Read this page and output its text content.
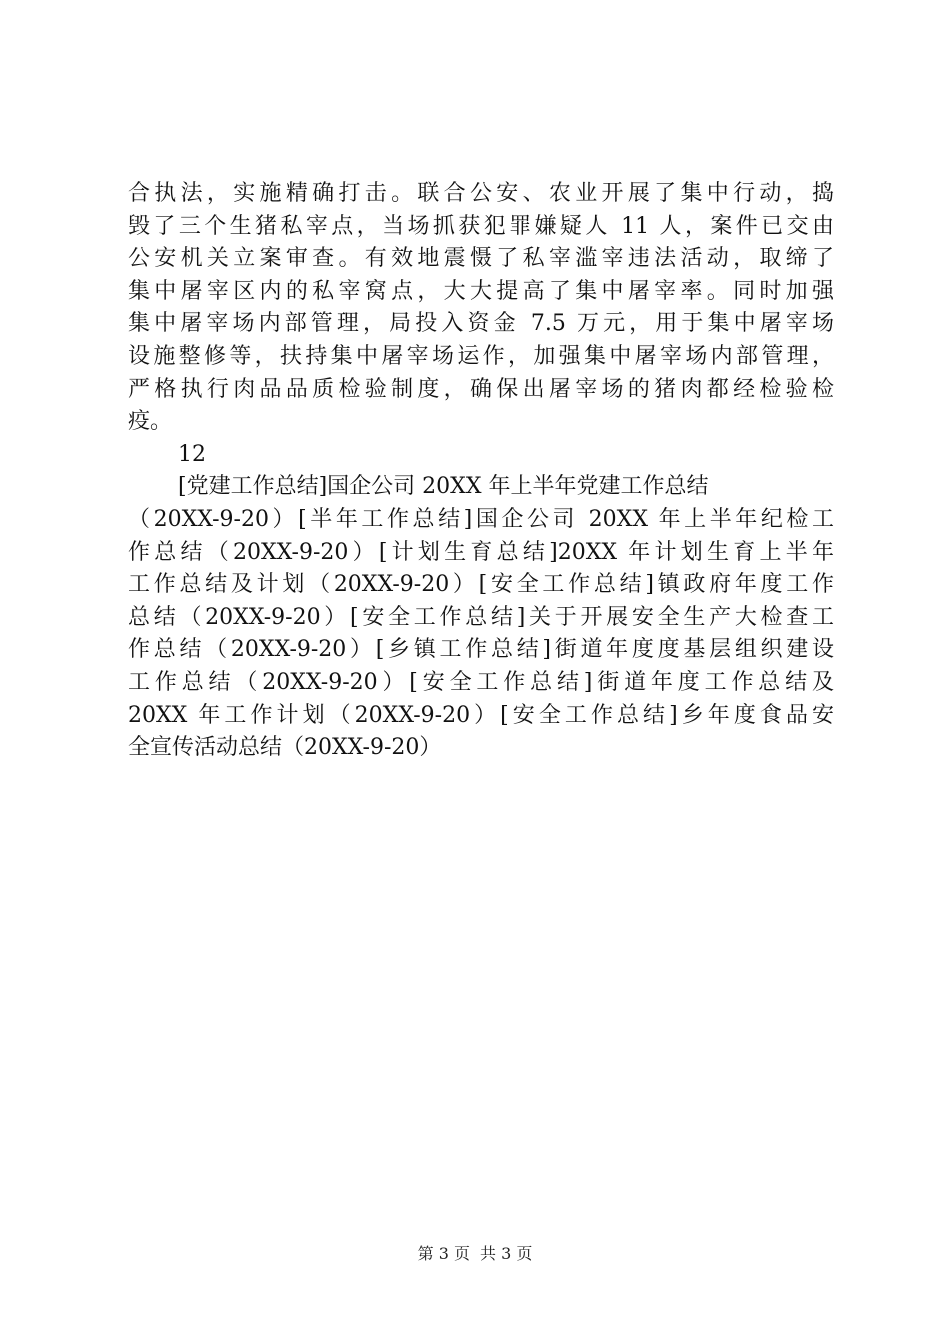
合执法，实施精确打击。联合公安、农业开展了集中行动，捣
毁了三个生猪私宰点，当场抓获犯罪嫌疑人 11 人，案件已交由
公安机关立案审查。有效地震慑了私宰滥宰违法活动，取缔了
集中屠宰区内的私宰窝点，大大提高了集中屠宰率。同时加强
集中屠宰场内部管理，局投入资金 7.5 万元，用于集中屠宰场
设施整修等，扶持集中屠宰场运作，加强集中屠宰场内部管理，
严格执行肉品品质检验制度，确保出屠宰场的猪肉都经检验检
疫。
12
[党建工作总结]国企公司 20XX 年上半年党建工作总结
（20XX-9-20）[半年工作总结]国企公司 20XX 年上半年纪检工
作总结（20XX-9-20）[计划生育总结]20XX 年计划生育上半年
工作总结及计划（20XX-9-20）[安全工作总结]镇政府年度工作
总结（20XX-9-20）[安全工作总结]关于开展安全生产大检查工
作总结（20XX-9-20）[乡镇工作总结]街道年度度基层组织建设
工作总结（20XX-9-20）[安全工作总结]街道年度工作总结及
20XX 年工作计划（20XX-9-20）[安全工作总结]乡年度食品安
全宣传活动总结（20XX-9-20）
第 3 页 共 3 页
